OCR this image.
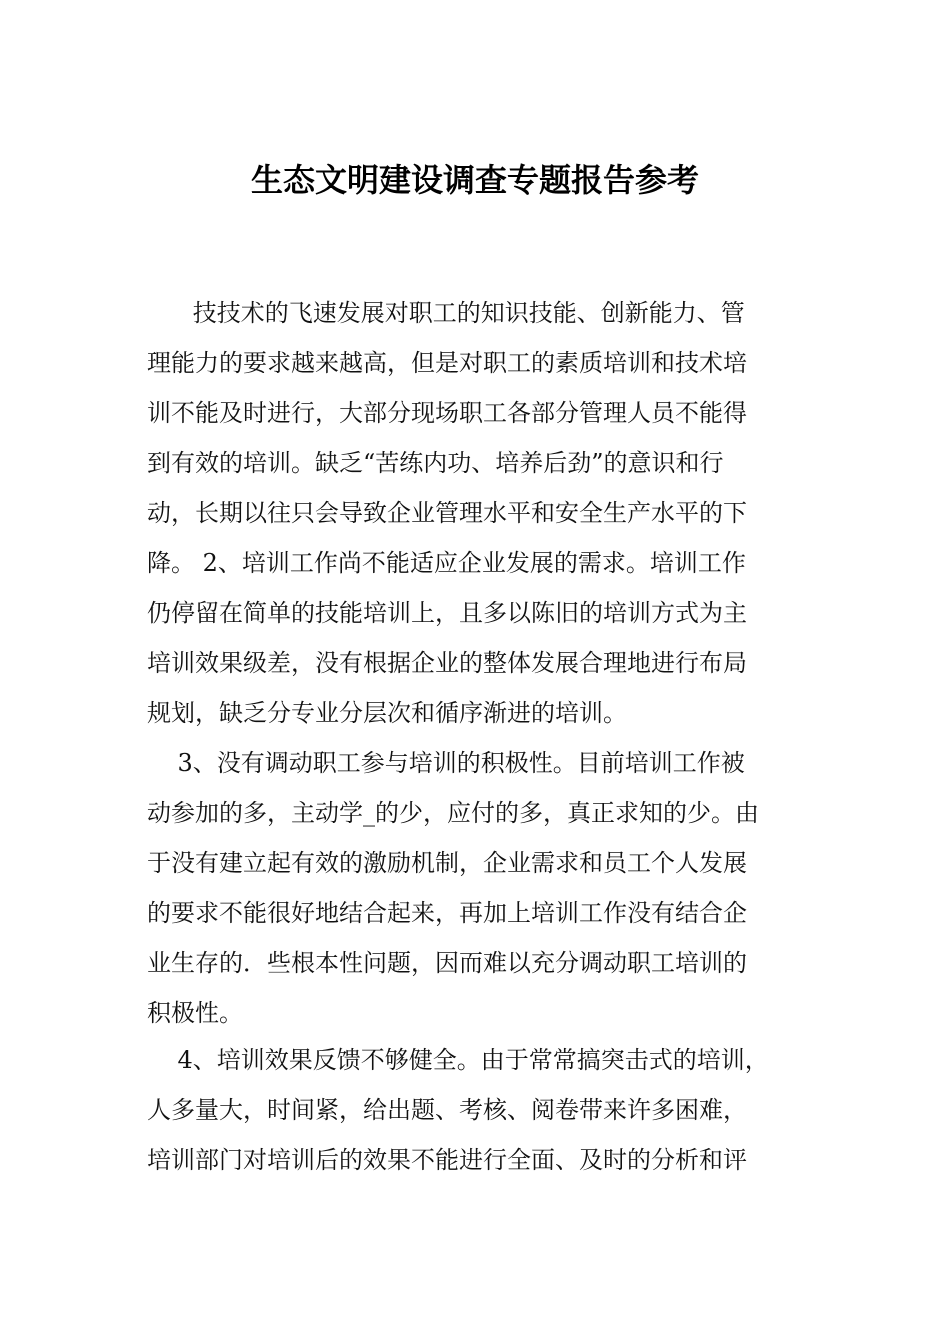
生态文明建设调查专题报告参考
技技术的飞速发展对职工的知识技能、创新能力、管
理能力的要求越来越高，但是对职工的素质培训和技术培
训不能及时进行，大部分现场职工各部分管理人员不能得
到有效的培训。缺乏“苦练内功、培养后劲”的意识和行
动，长期以往只会导致企业管理水平和安全生产水平的下
降。 2、培训工作尚不能适应企业发展的需求。培训工作
仍停留在简单的技能培训上，且多以陈旧的培训方式为主
培训效果级差，没有根据企业的整体发展合理地进行布局
规划，缺乏分专业分层次和循序渐进的培训。
3、没有调动职工参与培训的积极性。目前培训工作被
动参加的多，主动学_的少，应付的多，真正求知的少。由
于没有建立起有效的激励机制，企业需求和员工个人发展
的要求不能很好地结合起来，再加上培训工作没有结合企
业生存的．些根本性问题，因而难以充分调动职工培训的
积极性。
4、培训效果反馈不够健全。由于常常搞突击式的培训，
人多量大，时间紧，给出题、考核、阅卷带来许多困难，
培训部门对培训后的效果不能进行全面、及时的分析和评
